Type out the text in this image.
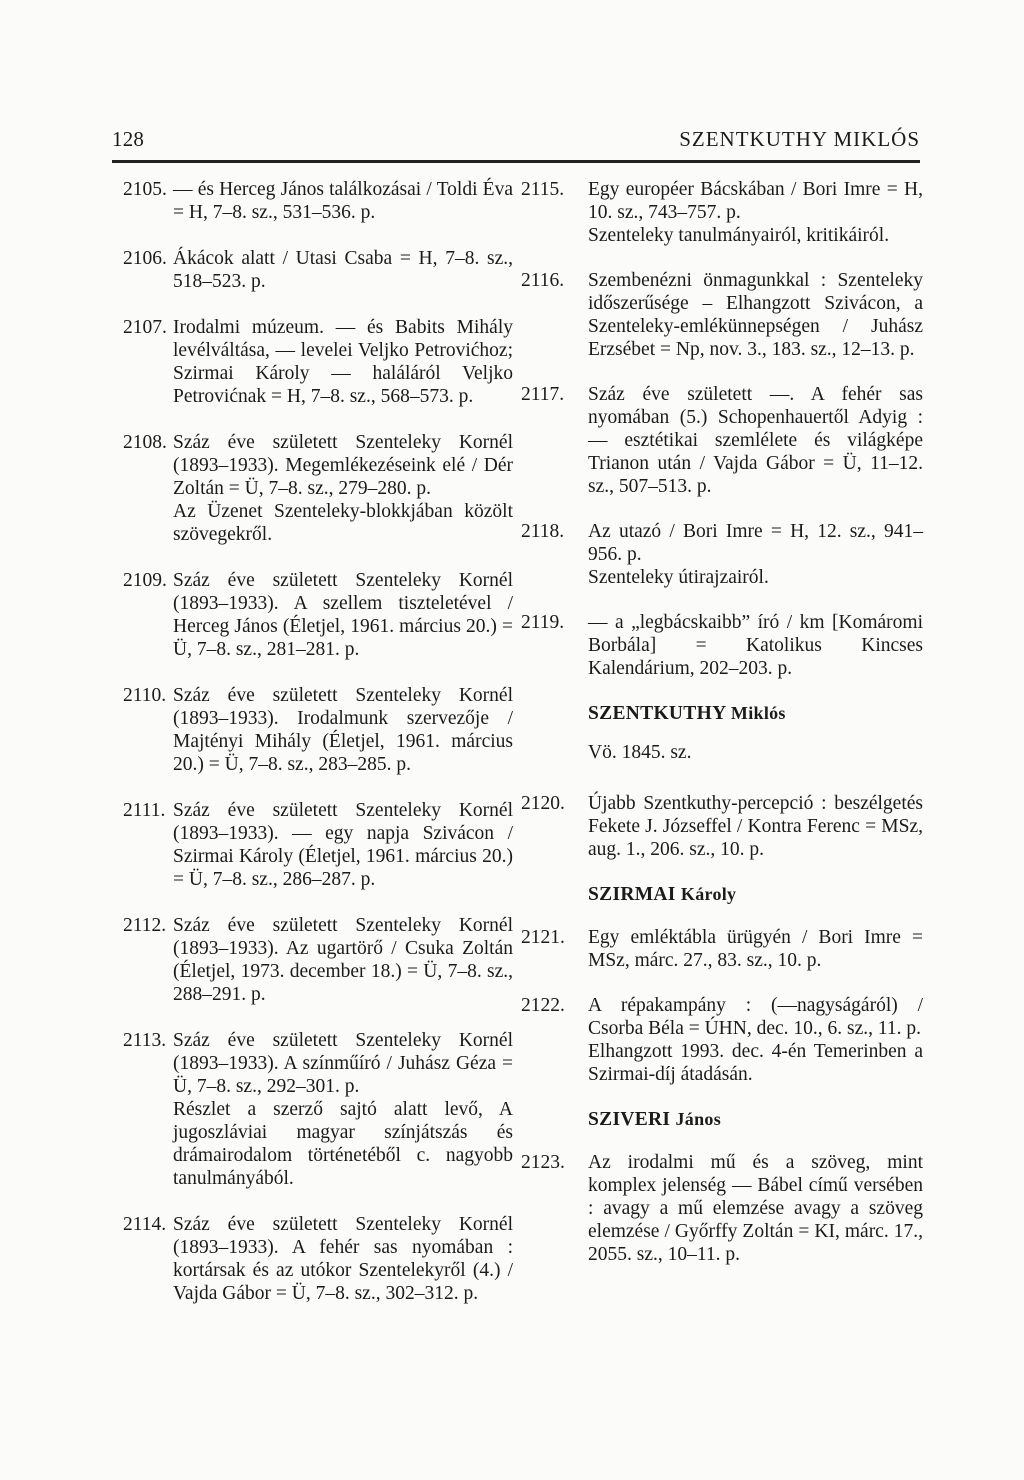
128	SZENTKUTHY MIKLÓS
2105. — és Herceg János találkozásai / Toldi Éva = H, 7–8. sz., 531–536. p.
2106. Ákácok alatt / Utasi Csaba = H, 7–8. sz., 518–523. p.
2107. Irodalmi múzeum. — és Babits Mihály levélváltása, — levelei Veljko Petrovićhoz; Szirmai Károly — haláláról Veljko Petrovićnak = H, 7–8. sz., 568–573. p.
2108. Száz éve született Szenteleky Kornél (1893–1933). Megemlékezéseink elé / Dér Zoltán = Ü, 7–8. sz., 279–280. p.
Az Üzenet Szenteleky-blokkjában közölt szövegekről.
2109. Száz éve született Szenteleky Kornél (1893–1933). A szellem tiszteletével / Herceg János (Életjel, 1961. március 20.) = Ü, 7–8. sz., 281–281. p.
2110. Száz éve született Szenteleky Kornél (1893–1933). Irodalmunk szervezője / Majtényi Mihály (Életjel, 1961. március 20.) = Ü, 7–8. sz., 283–285. p.
2111. Száz éve született Szenteleky Kornél (1893–1933). — egy napja Szivácon / Szirmai Károly (Életjel, 1961. március 20.) = Ü, 7–8. sz., 286–287. p.
2112. Száz éve született Szenteleky Kornél (1893–1933). Az ugartörő / Csuka Zoltán (Életjel, 1973. december 18.) = Ü, 7–8. sz., 288–291. p.
2113. Száz éve született Szenteleky Kornél (1893–1933). A színműíró / Juhász Géza = Ü, 7–8. sz., 292–301. p.
Részlet a szerző sajtó alatt levő, A jugoszláviai magyar színjátszás és drámairodalom történetéből c. nagyobb tanulmányából.
2114. Száz éve született Szenteleky Kornél (1893–1933). A fehér sas nyomában : kortársak és az utókor Szentelekyről (4.) / Vajda Gábor = Ü, 7–8. sz., 302–312. p.
2115. Egy européer Bácskában / Bori Imre = H, 10. sz., 743–757. p.
Szenteleky tanulmányairól, kritikáiról.
2116. Szembenézni önmagunkkal : Szenteleky időszerűsége – Elhangzott Szivácon, a Szenteleky-emlékünnepségen / Juhász Erzsébet = Np, nov. 3., 183. sz., 12–13. p.
2117. Száz éve született —. A fehér sas nyomában (5.) Schopenhauertől Adyig : — esztétikai szemlélete és világképe Trianon után / Vajda Gábor = Ü, 11–12. sz., 507–513. p.
2118. Az utazó / Bori Imre = H, 12. sz., 941–956. p.
Szenteleky útirajzairól.
2119. — a „legbácskaibb” író / km [Komáromi Borbála] = Katolikus Kincses Kalendárium, 202–203. p.
SZENTKUTHY Miklós
Vö. 1845. sz.
2120. Újabb Szentkuthy-percepció : beszélgetés Fekete J. Józseffel / Kontra Ferenc = MSz, aug. 1., 206. sz., 10. p.
SZIRMAI Károly
2121. Egy emléktábla ürügyén / Bori Imre = MSz, márc. 27., 83. sz., 10. p.
2122. A répakampány : (—nagyságáról) / Csorba Béla = ÚHN, dec. 10., 6. sz., 11. p.
Elhangzott 1993. dec. 4-én Temerinben a Szirmai-díj átadásán.
SZIVERI János
2123. Az irodalmi mű és a szöveg, mint komplex jelenség — Bábel című versében : avagy a mű elemzése avagy a szöveg elemzése / Győrffy Zoltán = KI, márc. 17., 2055. sz., 10–11. p.
